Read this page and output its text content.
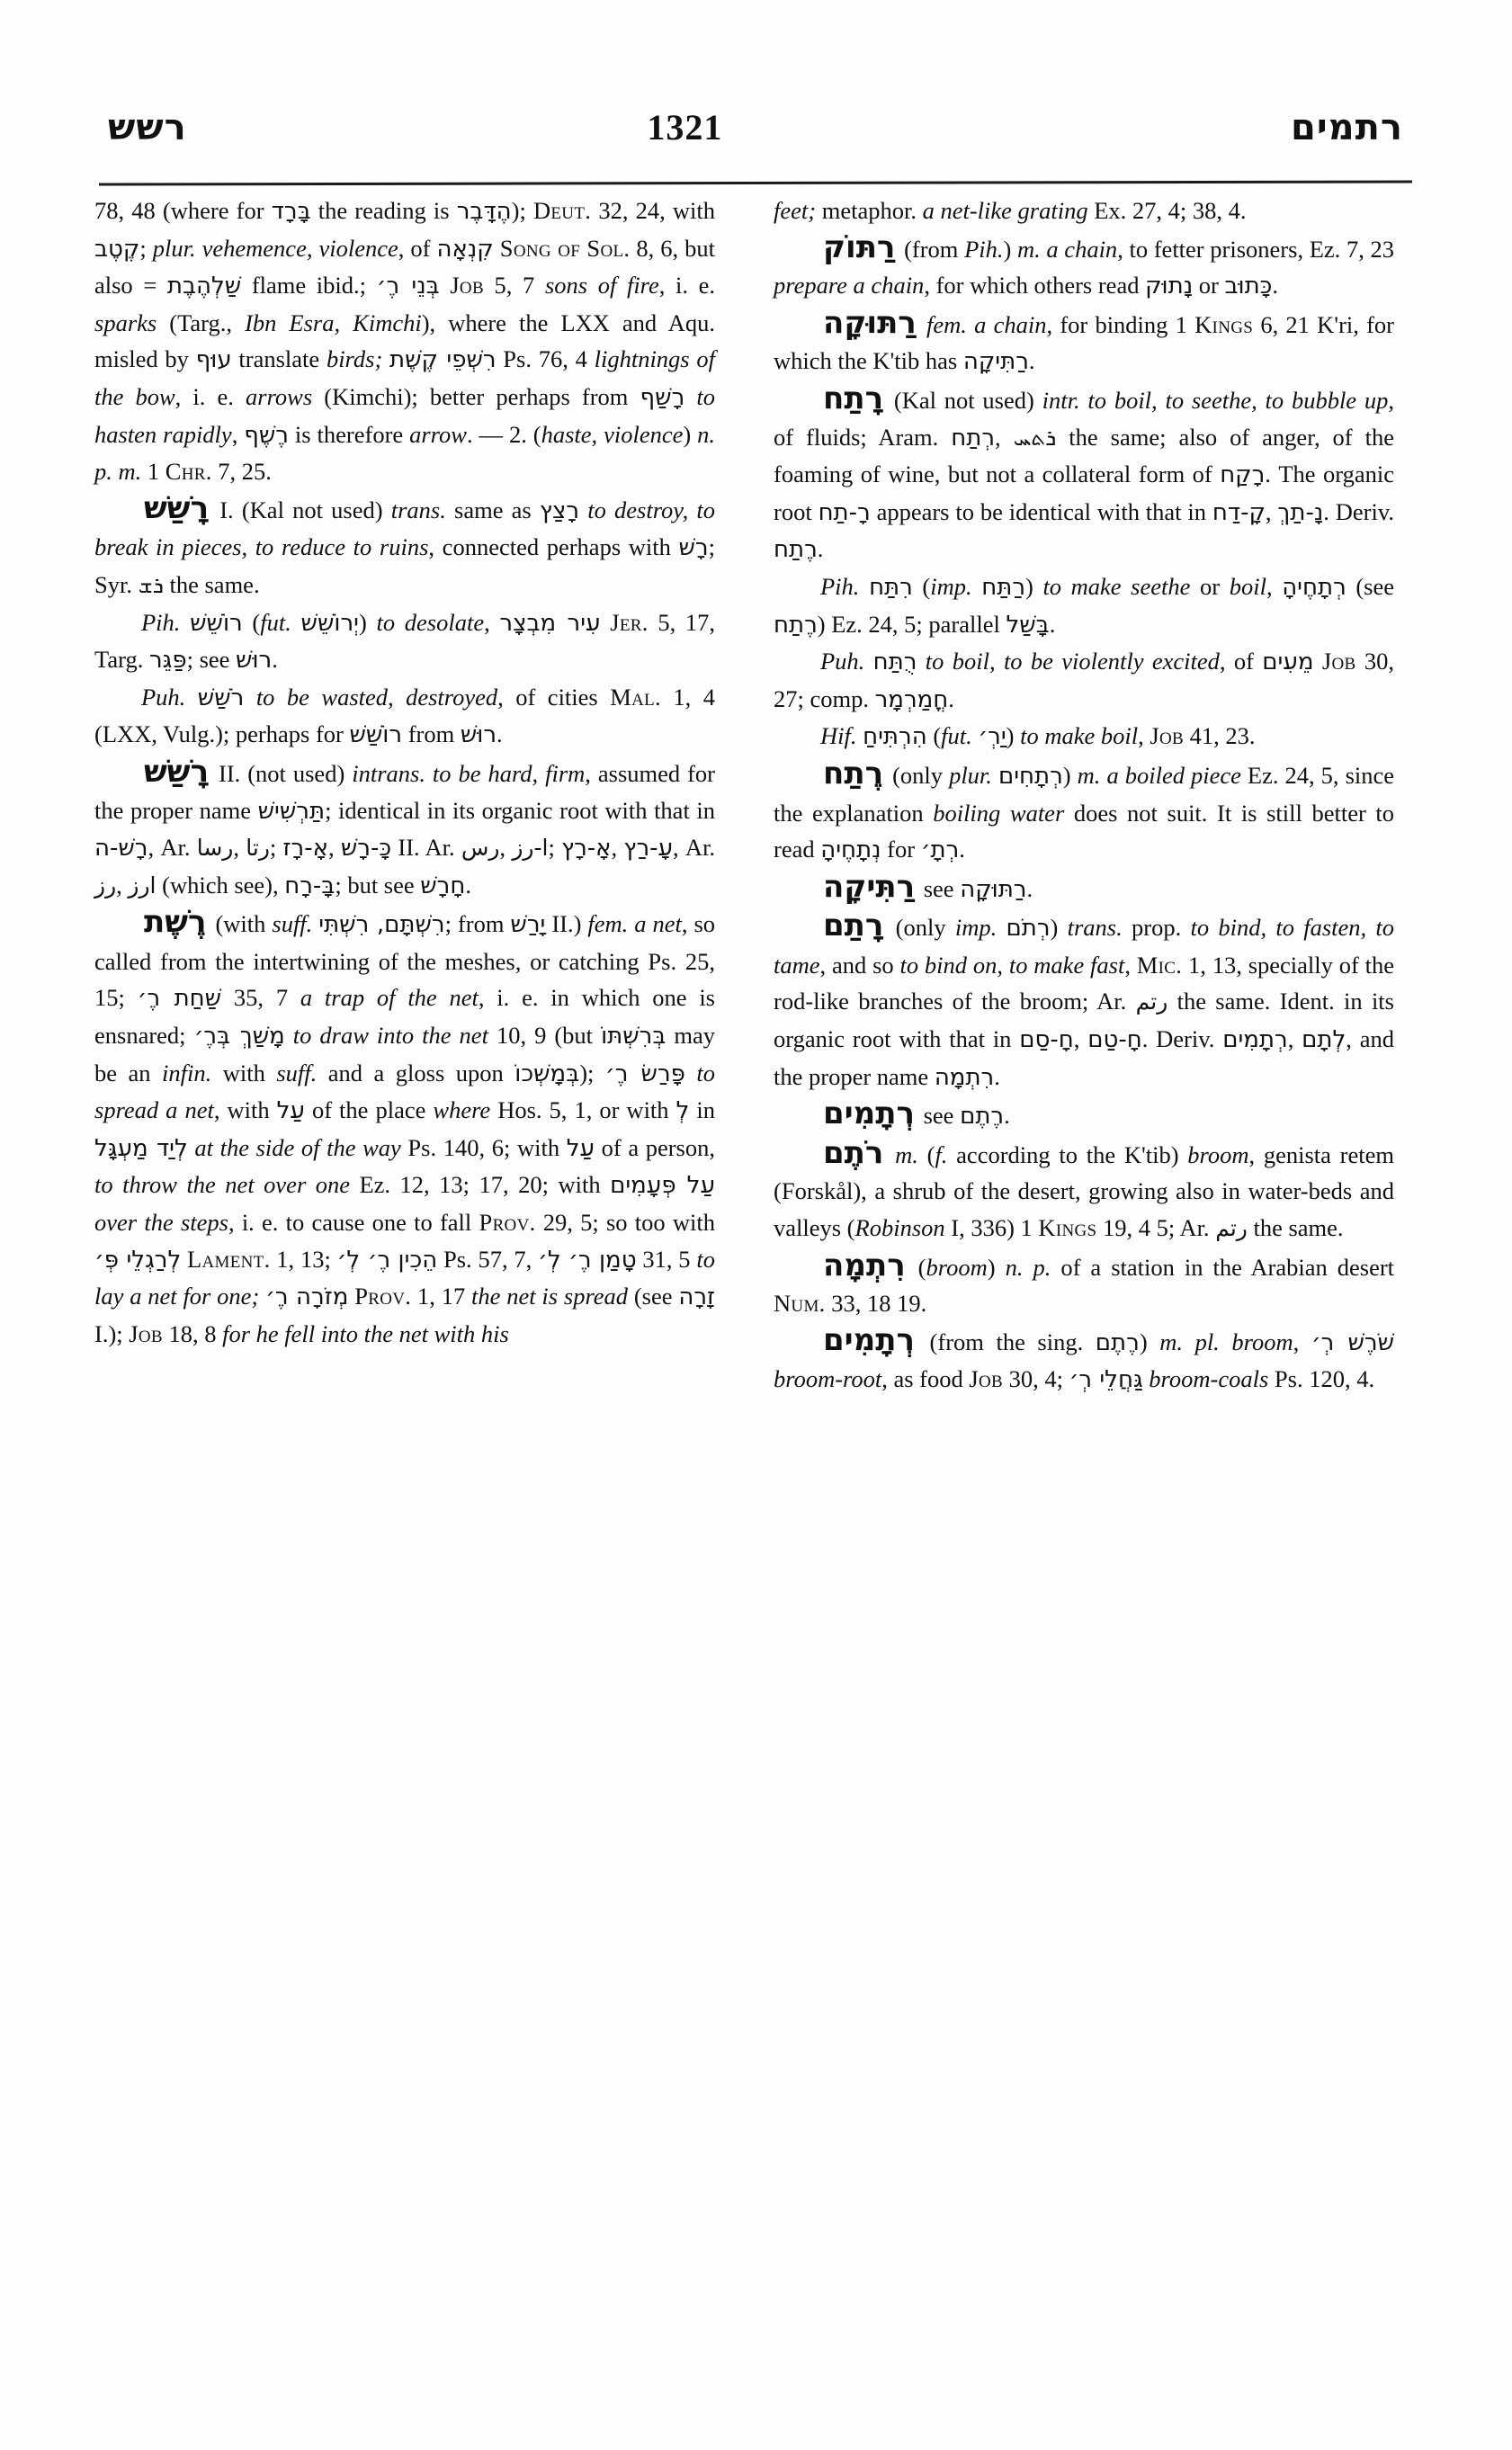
רשש	1321	רתמים

78, 48 (where for בָּרָד the reading is הֶדָּבֶר); Deut. 32, 24, with קֶטֶב; plur. vehemence, violence, of קִנְאָה Song of Sol. 8, 6, but also = שַׁלְהֶבֶת flame ibid.; בְּנֵי רֶ׳ Job 5, 7 sons of fire, i. e. sparks (Targ., Ibn Esra, Kimchi), where the LXX and Aqu. misled by עוּף translate birds; רִשְׁפֵי קֶשֶׁת Ps. 76, 4 lightnings of the bow, i. e. arrows (Kimchi); better perhaps from רָשַׁף to hasten rapidly, רֶשֶׁף is therefore arrow. — 2. (haste, violence) n. p. m. 1 Chr. 7, 25.

רָשַׁשׁ I. (Kal not used) trans. same as רָצַץ to destroy, to break in pieces, to reduce to ruins, connected perhaps with רָשׁ; Syr. ܪܫ the same.

Pih. רוֹשֵׁשׁ (fut. יְרוֹשֵׁשׁ) to desolate, עִיר מִבְצָר Jer. 5, 17, Targ. פַּגֵּר; see רוּשׁ.

Puh. רֹשַׁשׁ to be wasted, destroyed, of cities Mal. 1, 4 (LXX, Vulg.); perhaps for רוֹשַׁשׁ from רוּשׁ.

רָשַׁשׁ II. (not used) intrans. to be hard, firm, assumed for the proper name תַּרְשִׁישׁ; identical in its organic root with that in רָשׁ-ה, Ar. رسا, رتا; אָ-רָז, כָּ-רָשׁ II. Ar. رس, ا-رز; אָ-רָץ, עָ-רַץ, Ar. رز, ارز (which see), בָּ-רָח; but see חָרָשׁ.

רֶשֶׁת (with suff. רִשְׁתָּם, רִשְׁתִּי; from יָרַשׁ II.) fem. a net, so called from the intertwining of the meshes, or catching Ps. 25, 15; שַׁחַת רֶ׳ 35, 7 a trap of the net, i. e. in which one is ensnared; מָשַׁךְ בְּרֶ׳ to draw into the net 10, 9 (but בְּרִשְׁתּוֹ may be an infin. with suff. and a gloss upon בְּמָשְׁכוֹ); פָּרַשׂ רֶ׳ to spread a net, with עַל of the place where Hos. 5, 1, or with לְ in לְיַד מַעְגָּל at the side of the way Ps. 140, 6; with עַל of a person, to throw the net over one Ez. 12, 13; 17, 20; with עַל פְּעָמִים over the steps, i. e. to cause one to fall Prov. 29, 5; so too with לְרַגְלֵי פְּ׳ Lament. 1, 13; הֵכִין רֶ׳ לְ׳ Ps. 57, 7, טָמַן רֶ׳ לְ׳ 31, 5 to lay a net for one; מְזֹרָה רֶ׳ Prov. 1, 17 the net is spread (see זָרָה I.); Job 18, 8 for he fell into the net with his

feet; metaphor. a net-like grating Ex. 27, 4; 38, 4.

רַתּוֹק (from Pih.) m. a chain, to fetter prisoners, Ez. 7, 23 prepare a chain, for which others read נָתוּק or כָּתוּב.

רַתּוּקָה fem. a chain, for binding 1 Kings 6, 21 K'ri, for which the K'tib has רַתִּיקָה.

רָתַח (Kal not used) intr. to boil, to seethe, to bubble up, of fluids; Aram. רְתַח, ܪܬܚ the same; also of anger, of the foaming of wine, but not a collateral form of רָקַח. The organic root רָ-תַח appears to be identical with that in קָ-דַח, נָ-תַךְ. Deriv. רֶתַח.

Pih. רִתַּח (imp. רַתַּח) to make seethe or boil, רְתָחֶיהָ (see רֶתַח) Ez. 24, 5; parallel בָּשַׁל.

Puh. רֻתַּח to boil, to be violently excited, of מֵעִים Job 30, 27; comp. חֳמַרְמָר.

Hif. הִרְתִּיחַ (fut. יַרְ׳) to make boil, Job 41, 23.

רֶתַח (only plur. רְתָחִים) m. a boiled piece Ez. 24, 5, since the explanation boiling water does not suit. It is still better to read נְתָחֶיהָ for רְתָ׳.

רַתִּיקָה see רַתּוּקָה.

רָתַם (only imp. רְתֹם) trans. prop. to bind, to fasten, to tame, and so to bind on, to make fast, Mic. 1, 13, specially of the rod-like branches of the broom; Ar. رتم the same. Ident. in its organic root with that in חָ-סַם, חָ-טַם. Deriv. רְתָמִים, לְתָם, and the proper name רִתְמָה.

רְתָמִים see רֶתֶם.

רֹתֶם m. (f. according to the K'tib) broom, genista retem (Forskål), a shrub of the desert, growing also in water-beds and valleys (Robinson I, 336) 1 Kings 19, 4 5; Ar. رتم the same.

רִתְמָה (broom) n. p. of a station in the Arabian desert Num. 33, 18 19.

רְתָמִים (from the sing. רֶתֶם) m. pl. broom, שֹׁרֶשׁ רְ׳ broom-root, as food Job 30, 4; גַּחֲלֵי רְ׳ broom-coals Ps. 120, 4.
